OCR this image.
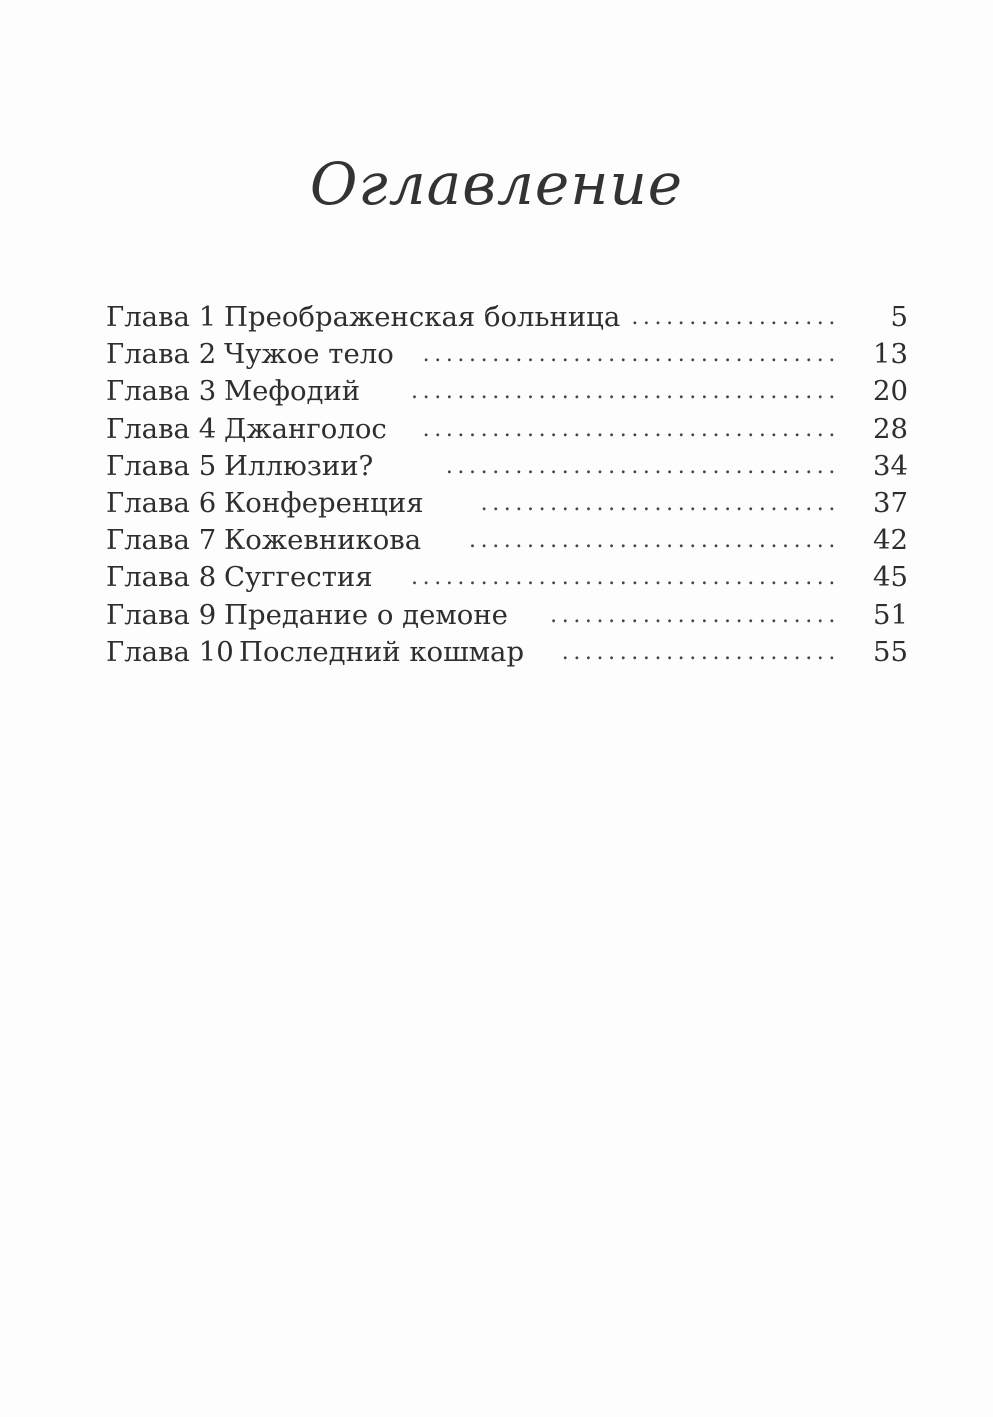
Оглавление
Глава 1 Преображенская больница .................. 5
Глава 2 Чужое тело .................................... 13
Глава 3 Мефодий	..................................... 20
Глава 4 Джанголос .................................... 28
Глава 5 Иллюзии?	.................................. 34
Глава 6 Конференция	............................... 37
Глава 7 Кожевникова	................................ 42
Глава 8 Суггестия	..................................... 45
Глава 9 Предание о демоне ......................... 51
Глава 10 Последний кошмар	........................ 55
